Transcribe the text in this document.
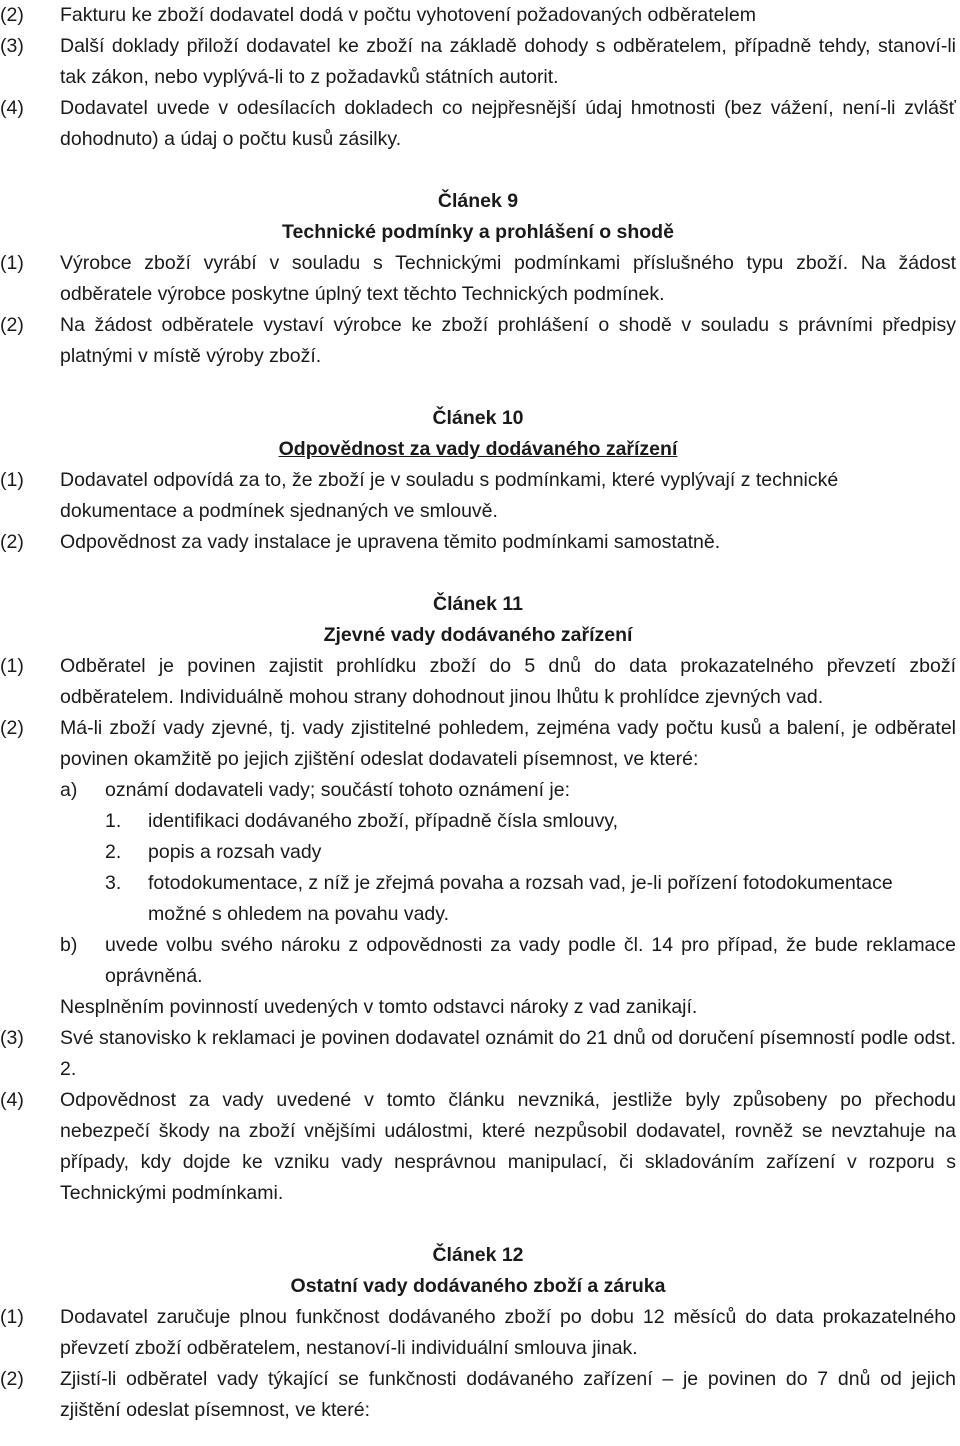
(2) Fakturu ke zboží dodavatel dodá v počtu vyhotovení požadovaných odběratelem
(3) Další doklady přiloží dodavatel ke zboží na základě dohody s odběratelem, případně tehdy, stanoví-li tak zákon, nebo vyplývá-li to z požadavků státních autorit.
(4) Dodavatel uvede v odesílacích dokladech co nejpřesnější údaj hmotnosti (bez vážení, není-li zvlášť dohodnuto) a údaj o počtu kusů zásilky.

Článek 9

Technické podmínky a prohlášení o shodě

(1) Výrobce zboží vyrábí v souladu s Technickými podmínkami příslušného typu zboží. Na žádost odběratele výrobce poskytne úplný text těchto Technických podmínek.
(2) Na žádost odběratele vystaví výrobce ke zboží prohlášení o shodě v souladu s právními předpisy platnými v místě výroby zboží.

Článek 10

Odpovědnost za vady dodávaného zařízení

(1) Dodavatel odpovídá za to, že zboží je v souladu s podmínkami, které vyplývají z technické dokumentace a podmínek sjednaných ve smlouvě.
(2) Odpovědnost za vady instalace je upravena těmito podmínkami samostatně.

Článek 11

Zjevné vady dodávaného zařízení

(1) Odběratel je povinen zajistit prohlídku zboží do 5 dnů do data prokazatelného převzetí zboží odběratelem. Individuálně mohou strany dohodnout jinou lhůtu k prohlídce zjevných vad.
(2) Má-li zboží vady zjevné, tj. vady zjistitelné pohledem, zejména vady počtu kusů a balení, je odběratel povinen okamžitě po jejich zjištění odeslat dodavateli písemnost, ve které:
a) oznámí dodavateli vady; součástí tohoto oznámení je:
1. identifikaci dodávaného zboží, případně čísla smlouvy,
2. popis a rozsah vady
3. fotodokumentace, z níž je zřejmá povaha a rozsah vad, je-li pořízení fotodokumentace možné s ohledem na povahu vady.
b) uvede volbu svého nároku z odpovědnosti za vady podle čl. 14 pro případ, že bude reklamace oprávněná.
Nesplněním povinností uvedených v tomto odstavci nároky z vad zanikají.
(3) Své stanovisko k reklamaci je povinen dodavatel oznámit do 21 dnů od doručení písemností podle odst. 2.
(4) Odpovědnost za vady uvedené v tomto článku nevzniká, jestliže byly způsobeny po přechodu nebezpečí škody na zboží vnějšími událostmi, které nezpůsobil dodavatel, rovněž se nevztahuje na případy, kdy dojde ke vzniku vady nesprávnou manipulací, či skladováním zařízení v rozporu s Technickými podmínkami.

Článek 12

Ostatní vady dodávaného zboží a záruka

(1) Dodavatel zaručuje plnou funkčnost dodávaného zboží po dobu 12 měsíců do data prokazatelného převzetí zboží odběratelem, nestanoví-li individuální smlouva jinak.
(2) Zjistí-li odběratel vady týkající se funkčnosti dodávaného zařízení – je povinen do 7 dnů od jejich zjištění odeslat písemnost, ve které:
